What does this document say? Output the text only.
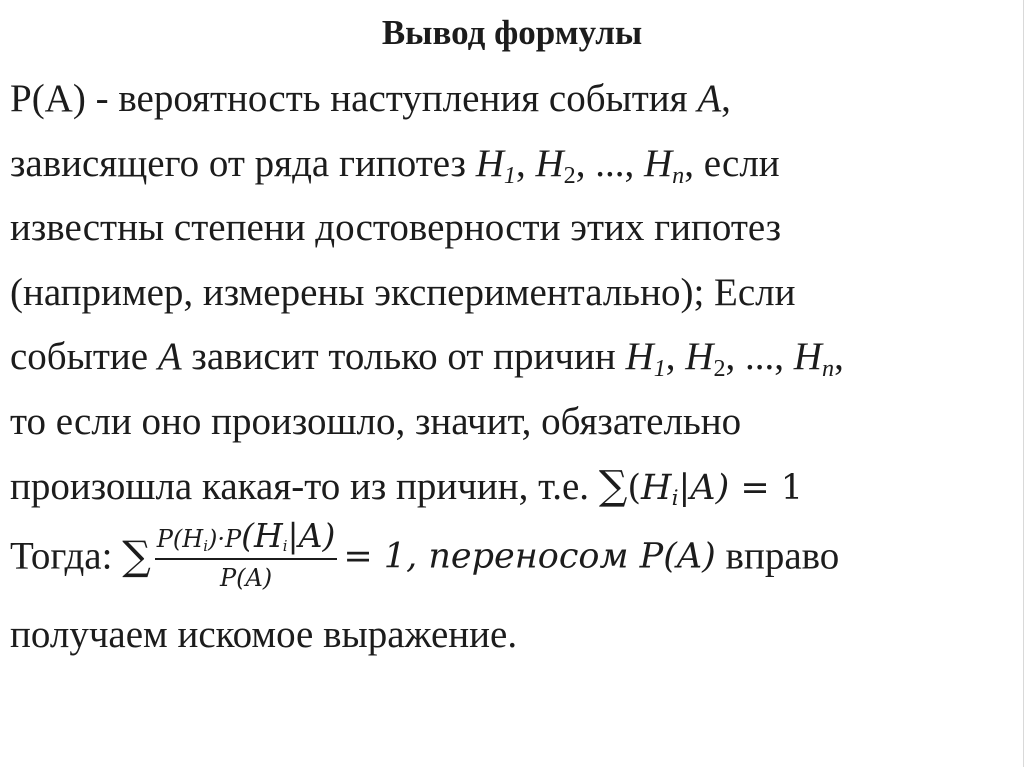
Вывод формулы
P(A) - вероятность наступления события A,
зависящего от ряда гипотез $H_1$, $H_2$, ..., $H_n$, если
известны степени достоверности этих гипотез
(например, измерены экспериментально); Если
событие A зависит только от причин $H_1$, $H_2$, ..., $H_n$,
то если оно произошло, значит, обязательно
произошла какая-то из причин, т.е. $\sum(H_i|A) = 1$
Тогда: ∑ $\frac{P(H_i)\cdot P(H_i|A)}{P(A)} = 1$, переносом P(A) вправо
получаем искомое выражение.
